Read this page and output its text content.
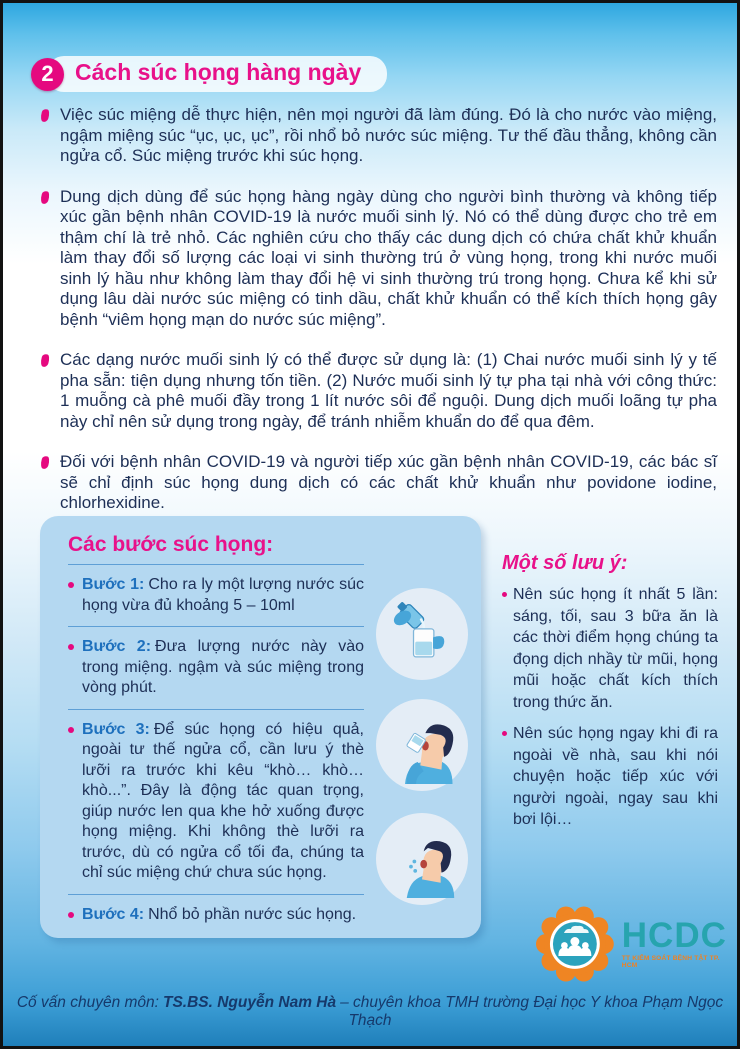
2 Cách súc họng hàng ngày
Việc súc miệng dễ thực hiện, nên mọi người đã làm đúng. Đó là cho nước vào miệng, ngậm miệng súc “ục, ục, ục”, rồi nhổ bỏ nước súc miệng. Tư thế đầu thẳng, không cần ngửa cổ. Súc miệng trước khi súc họng.
Dung dịch dùng để súc họng hàng ngày dùng cho người bình thường và không tiếp xúc gần bệnh nhân COVID-19 là nước muối sinh lý. Nó có thể dùng được cho trẻ em thậm chí là trẻ nhỏ. Các nghiên cứu cho thấy các dung dịch có chứa chất khử khuẩn làm thay đổi số lượng các loại vi sinh thường trú ở vùng họng, trong khi nước muối sinh lý hầu như không làm thay đổi hệ vi sinh thường trú trong họng. Chưa kể khi sử dụng lâu dài nước súc miệng có tinh dầu, chất khử khuẩn có thể kích thích họng gây bệnh “viêm họng mạn do nước súc miệng”.
Các dạng nước muối sinh lý có thể được sử dụng là: (1) Chai nước muối sinh lý y tế pha sẵn: tiện dụng nhưng tốn tiền. (2) Nước muối sinh lý tự pha tại nhà với công thức: 1 muỗng cà phê muối đầy trong 1 lít nước sôi để nguội. Dung dịch muối loãng tự pha này chỉ nên sử dụng trong ngày, để tránh nhiễm khuẩn do để qua đêm.
Đối với bệnh nhân COVID-19 và người tiếp xúc gần bệnh nhân COVID-19, các bác sĩ sẽ chỉ định súc họng dung dịch có các chất khử khuẩn như povidone iodine, chlorhexidine.

Các bước súc họng:

Bước 1: Cho ra ly một lượng nước súc họng vừa đủ khoảng 5 – 10ml
Bước 2: Đưa lượng nước này vào trong miệng. ngậm và súc miệng trong vòng phút.
Bước 3: Để súc họng có hiệu quả, ngoài tư thế ngửa cổ, cần lưu ý thè lưỡi ra trước khi kêu “khò… khò… khò...”. Đây là động tác quan trọng, giúp nước len qua khe hở xuống được họng miệng. Khi không thè lưỡi ra trước, dù có ngửa cổ tối đa, chúng ta chỉ súc miệng chứ chưa súc họng.
Bước 4: Nhổ bỏ phần nước súc họng.

Một số lưu ý:

Nên súc họng ít nhất 5 lần: sáng, tối, sau 3 bữa ăn là các thời điểm họng chúng ta đọng dịch nhầy từ mũi, họng mũi hoặc chất kích thích trong thức ăn.
Nên súc họng ngay khi đi ra ngoài về nhà, sau khi nói chuyện hoặc tiếp xúc với người ngoài, ngay sau khi bơi lội…
HCDC
TT KIỂM SOÁT BỆNH TẬT TP. HCM
Cố vấn chuyên môn: TS.BS. Nguyễn Nam Hà – chuyên khoa TMH trường Đại học Y khoa Phạm Ngọc Thạch
